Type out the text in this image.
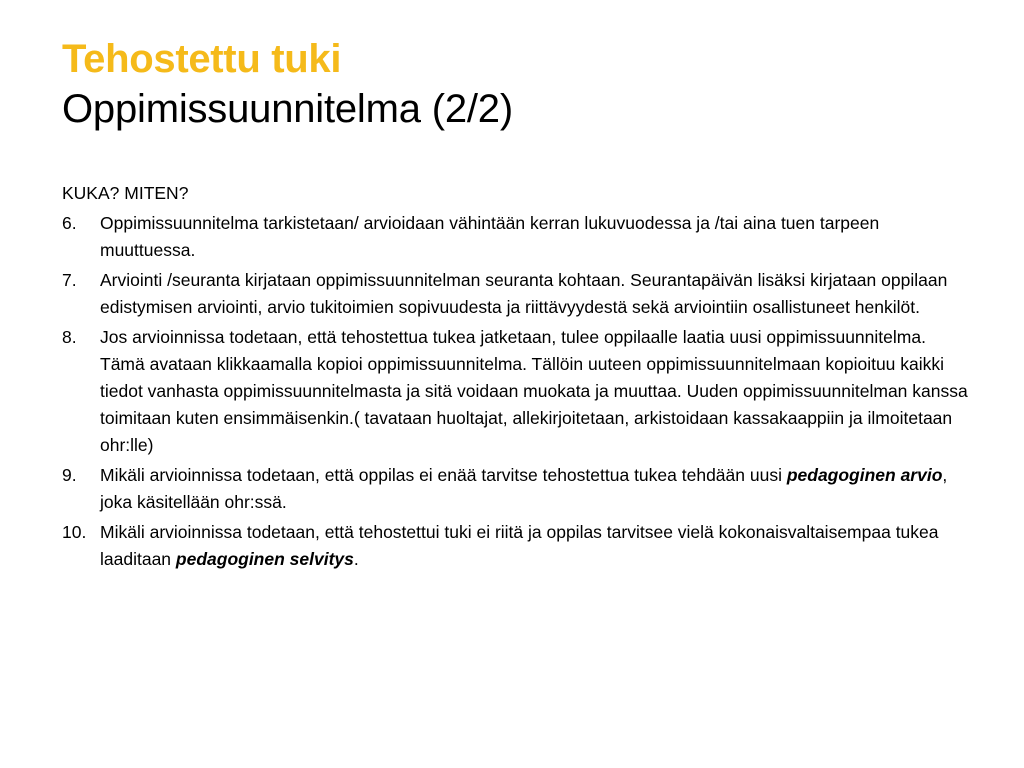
Tehostettu tuki
Oppimissuunnitelma (2/2)
KUKA? MITEN?
6.	Oppimissuunnitelma tarkistetaan/ arvioidaan vähintään kerran lukuvuodessa ja /tai aina tuen tarpeen muuttuessa.
7.	Arviointi /seuranta kirjataan oppimissuunnitelman seuranta kohtaan. Seurantapäivän lisäksi kirjataan oppilaan edistymisen arviointi, arvio tukitoimien sopivuudesta ja riittävyydestä sekä arviointiin osallistuneet henkilöt.
8.	Jos arvioinnissa todetaan, että tehostettua tukea jatketaan, tulee oppilaalle laatia uusi oppimissuunnitelma. Tämä avataan klikkaamalla kopioi oppimissuunnitelma. Tällöin uuteen oppimissuunnitelmaan kopioituu kaikki tiedot vanhasta oppimissuunnitelmasta ja sitä voidaan muokata ja muuttaa. Uuden oppimissuunnitelman kanssa toimitaan kuten ensimmäisenkin.( tavataan huoltajat, allekirjoitetaan, arkistoidaan kassakaappiin ja ilmoitetaan ohr:lle)
9.	Mikäli arvioinnissa todetaan, että oppilas ei enää tarvitse tehostettua tukea tehdään uusi pedagoginen arvio, joka käsitellään ohr:ssä.
10. Mikäli arvioinnissa todetaan, että tehostettui tuki ei riitä ja oppilas tarvitsee vielä kokonaisvaltaisempaa tukea laaditaan pedagoginen selvitys.
